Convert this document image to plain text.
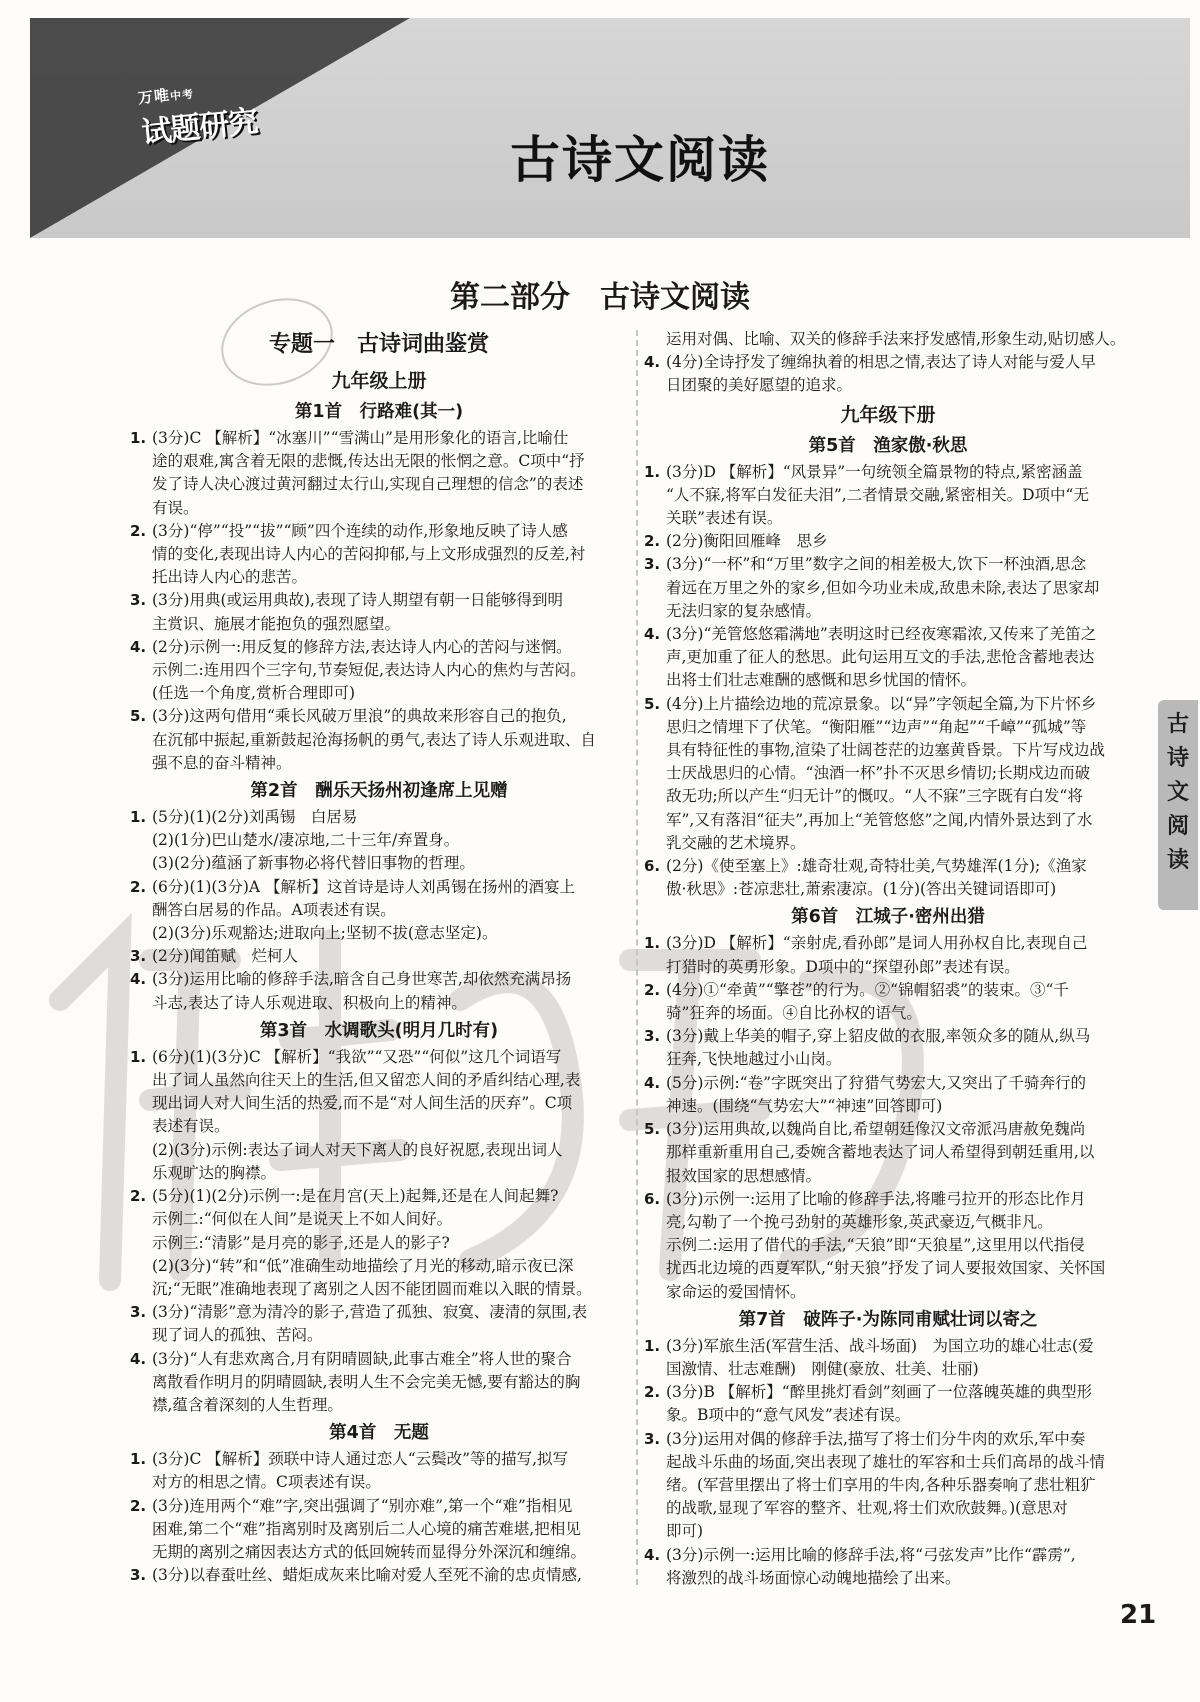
万唯中考
试题研究
古诗文阅读
第二部分　古诗文阅读
专题一　古诗词曲鉴赏
九年级上册
第1首　行路难(其一)
1. (3分)C 【解析】“冰塞川”“雪满山”是用形象化的语言,比喻仕
途的艰难,寓含着无限的悲慨,传达出无限的怅惘之意。C项中“抒
发了诗人决心渡过黄河翻过太行山,实现自己理想的信念”的表述
有误。
2. (3分)“停”“投”“拔”“顾”四个连续的动作,形象地反映了诗人感
情的变化,表现出诗人内心的苦闷抑郁,与上文形成强烈的反差,衬
托出诗人内心的悲苦。
3. (3分)用典(或运用典故),表现了诗人期望有朝一日能够得到明
主赏识、施展才能抱负的强烈愿望。
4. (2分)示例一:用反复的修辞方法,表达诗人内心的苦闷与迷惘。
示例二:连用四个三字句,节奏短促,表达诗人内心的焦灼与苦闷。
(任选一个角度,赏析合理即可)
5. (3分)这两句借用“乘长风破万里浪”的典故来形容自己的抱负,
在沉郁中振起,重新鼓起沧海扬帆的勇气,表达了诗人乐观进取、自
强不息的奋斗精神。
第2首　酬乐天扬州初逢席上见赠
1. (5分)(1)(2分)刘禹锡　白居易
(2)(1分)巴山楚水/凄凉地,二十三年/弃置身。
(3)(2分)蕴涵了新事物必将代替旧事物的哲理。
2. (6分)(1)(3分)A 【解析】这首诗是诗人刘禹锡在扬州的酒宴上
酬答白居易的作品。A项表述有误。
(2)(3分)乐观豁达;进取向上;坚韧不拔(意志坚定)。
3. (2分)闻笛赋　烂柯人
4. (3分)运用比喻的修辞手法,暗含自己身世寒苦,却依然充满昂扬
斗志,表达了诗人乐观进取、积极向上的精神。
第3首　水调歌头(明月几时有)
1. (6分)(1)(3分)C 【解析】“我欲”“又恐”“何似”这几个词语写
出了词人虽然向往天上的生活,但又留恋人间的矛盾纠结心理,表
现出词人对人间生活的热爱,而不是“对人间生活的厌弃”。C项
表述有误。
(2)(3分)示例:表达了词人对天下离人的良好祝愿,表现出词人
乐观旷达的胸襟。
2. (5分)(1)(2分)示例一:是在月宫(天上)起舞,还是在人间起舞?
示例二:“何似在人间”是说天上不如人间好。
示例三:“清影”是月亮的影子,还是人的影子?
(2)(3分)“转”和“低”准确生动地描绘了月光的移动,暗示夜已深
沉;“无眠”准确地表现了离别之人因不能团圆而难以入眠的情景。
3. (3分)“清影”意为清冷的影子,营造了孤独、寂寞、凄清的氛围,表
现了词人的孤独、苦闷。
4. (3分)“人有悲欢离合,月有阴晴圆缺,此事古难全”将人世的聚合
离散看作明月的阴晴圆缺,表明人生不会完美无憾,要有豁达的胸
襟,蕴含着深刻的人生哲理。
第4首　无题
1. (3分)C 【解析】颈联中诗人通过恋人“云鬓改”等的描写,拟写
对方的相思之情。C项表述有误。
2. (3分)连用两个“难”字,突出强调了“别亦难”,第一个“难”指相见
困难,第二个“难”指离别时及离别后二人心境的痛苦难堪,把相见
无期的离别之痛因表达方式的低回婉转而显得分外深沉和缠绵。
3. (3分)以春蚕吐丝、蜡炬成灰来比喻对爱人至死不渝的忠贞情感,
运用对偶、比喻、双关的修辞手法来抒发感情,形象生动,贴切感人。
4. (4分)全诗抒发了缠绵执着的相思之情,表达了诗人对能与爱人早
日团聚的美好愿望的追求。
九年级下册
第5首　渔家傲·秋思
1. (3分)D 【解析】“风景异”一句统领全篇景物的特点,紧密涵盖
“人不寐,将军白发征夫泪”,二者情景交融,紧密相关。D项中“无
关联”表述有误。
2. (2分)衡阳回雁峰　思乡
3. (3分)“一杯”和“万里”数字之间的相差极大,饮下一杯浊酒,思念
着远在万里之外的家乡,但如今功业未成,敌患未除,表达了思家却
无法归家的复杂感情。
4. (3分)“羌管悠悠霜满地”表明这时已经夜寒霜浓,又传来了羌笛之
声,更加重了征人的愁思。此句运用互文的手法,悲怆含蓄地表达
出将士们壮志难酬的感慨和思乡忧国的情怀。
5. (4分)上片描绘边地的荒凉景象。以“异”字领起全篇,为下片怀乡
思归之情埋下了伏笔。“衡阳雁”“边声”“角起”“千嶂”“孤城”等
具有特征性的事物,渲染了壮阔苍茫的边塞黄昏景。下片写戍边战
士厌战思归的心情。“浊酒一杯”扑不灭思乡情切;长期戍边而破
敌无功;所以产生“归无计”的慨叹。“人不寐”三字既有白发“将
军”,又有落泪“征夫”,再加上“羌管悠悠”之闻,内情外景达到了水
乳交融的艺术境界。
6. (2分)《使至塞上》:雄奇壮观,奇特壮美,气势雄浑(1分);《渔家
傲·秋思》:苍凉悲壮,萧索凄凉。(1分)(答出关键词语即可)
第6首　江城子·密州出猎
1. (3分)D 【解析】“亲射虎,看孙郎”是词人用孙权自比,表现自己
打猎时的英勇形象。D项中的“探望孙郎”表述有误。
2. (4分)①“牵黄”“擎苍”的行为。②“锦帽貂裘”的装束。③“千
骑”狂奔的场面。④自比孙权的语气。
3. (3分)戴上华美的帽子,穿上貂皮做的衣服,率领众多的随从,纵马
狂奔,飞快地越过小山岗。
4. (5分)示例:“卷”字既突出了狩猎气势宏大,又突出了千骑奔行的
神速。(围绕“气势宏大”“神速”回答即可)
5. (3分)运用典故,以魏尚自比,希望朝廷像汉文帝派冯唐赦免魏尚
那样重新重用自己,委婉含蓄地表达了词人希望得到朝廷重用,以
报效国家的思想感情。
6. (3分)示例一:运用了比喻的修辞手法,将雕弓拉开的形态比作月
亮,勾勒了一个挽弓劲射的英雄形象,英武豪迈,气概非凡。
示例二:运用了借代的手法,“天狼”即“天狼星”,这里用以代指侵
扰西北边境的西夏军队,“射天狼”抒发了词人要报效国家、关怀国
家命运的爱国情怀。
第7首　破阵子·为陈同甫赋壮词以寄之
1. (3分)军旅生活(军营生活、战斗场面)　为国立功的雄心壮志(爱
国激情、壮志难酬)　刚健(豪放、壮美、壮丽)
2. (3分)B 【解析】“醉里挑灯看剑”刻画了一位落魄英雄的典型形
象。B项中的“意气风发”表述有误。
3. (3分)运用对偶的修辞手法,描写了将士们分牛肉的欢乐,军中奏
起战斗乐曲的场面,突出表现了雄壮的军容和士兵们高昂的战斗情
绪。(军营里摆出了将士们享用的牛肉,各种乐器奏响了悲壮粗犷
的战歌,显现了军容的整齐、壮观,将士们欢欣鼓舞。)(意思对
即可)
4. (3分)示例一:运用比喻的修辞手法,将“弓弦发声”比作“霹雳”,
将激烈的战斗场面惊心动魄地描绘了出来。
古
诗
文
阅
读
21
